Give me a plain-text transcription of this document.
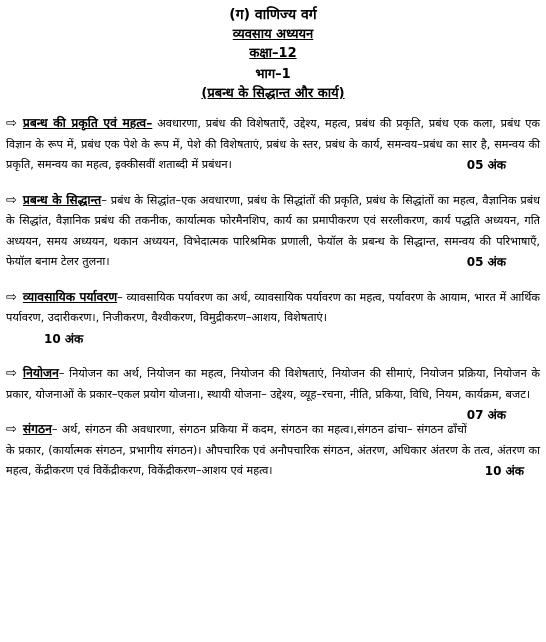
(ग) वाणिज्य वर्ग
व्यवसाय अध्ययन
कक्षा–12
भाग–1
(प्रबन्ध के सिद्धान्त और कार्य)
⇨ प्रबन्ध की प्रकृति एवं महत्व– अवधारणा, प्रबंध की विशेषताएँ, उद्देश्य, महत्व, प्रबंध की प्रकृति, प्रबंध एक कला, प्रबंध एक विज्ञान के रूप में, प्रबंध एक पेशे के रूप में, पेशे की विशेषताएं, प्रबंध के स्तर, प्रबंध के कार्य, समन्वय–प्रबंध का सार है, समन्वय की प्रकृति, समन्वय का महत्व, इक्कीसवीं शताब्दी में प्रबंधन।	05 अंक
⇨ प्रबन्ध के सिद्धान्त– प्रबंध के सिद्धांत–एक अवधारणा, प्रबंध के सिद्धांतों की प्रकृति, प्रबंध के सिद्धांतों का महत्व, वैज्ञानिक प्रबंध के सिद्धांत, वैज्ञानिक प्रबंध की तकनीक, कार्यात्मक फोरमैनशिप, कार्य का प्रमापीकरण एवं सरलीकरण, कार्य पद्धति अध्ययन, गति अध्ययन, समय अध्ययन, थकान अध्ययन, विभेदात्मक पारिश्रमिक प्रणाली, फेयॉल के प्रबन्ध के सिद्धान्त, समन्वय की परिभाषाएँ, फेयॉल बनाम टेलर तुलना।	05 अंक
⇨ व्यावसायिक पर्यावरण– व्यावसायिक पर्यावरण का अर्थ, व्यावसायिक पर्यावरण का महत्व, पर्यावरण के आयाम, भारत में आर्थिक पर्यावरण, उदारीकरण।, निजीकरण, वैश्वीकरण, विमुद्रीकरण–आशय, विशेषताएं।
10 अंक
⇨ नियोजन– नियोजन का अर्थ, नियोजन का महत्व, नियोजन की विशेषताएं, नियोजन की सीमाएं, नियोजन प्रक्रिया, नियोजन के प्रकार, योजनाओं के प्रकार–एकल प्रयोग योजना।, स्थायी योजना– उद्देश्य, व्यूह–रचना, नीति, प्रकिया, विधि, नियम, कार्यक्रम, बजट।
07 अंक
⇨ संगठन– अर्थ, संगठन की अवधारणा, संगठन प्रकिया में कदम, संगठन का महत्व।,संगठन ढांचा– संगठन ढाँचों के प्रकार, (कार्यात्मक संगठन, प्रभागीय संगठन)। औपचारिक एवं अनौपचारिक संगठन, अंतरण, अधिकार अंतरण के तत्व, अंतरण का महत्व, केंद्रीकरण एवं विकेंद्रीकरण, विकेंद्रीकरण–आशय एवं महत्व।	10 अंक
